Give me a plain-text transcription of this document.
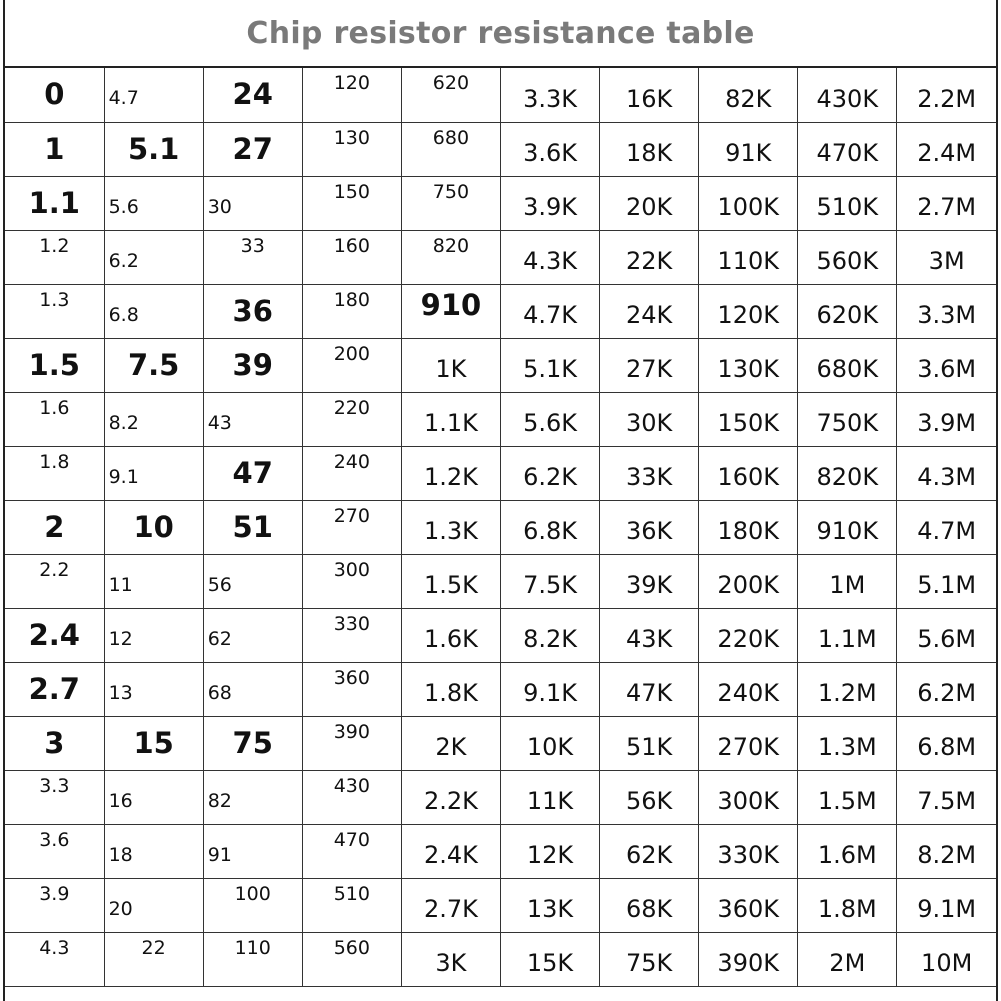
Chip resistor resistance table
0	4.7	24	120	620	3.3K	16K	82K	430K	2.2M
1	5.1	27	130	680	3.6K	18K	91K	470K	2.4M
1.1	5.6	30	150	750	3.9K	20K	100K	510K	2.7M
1.2	6.2	33	160	820	4.3K	22K	110K	560K	3M
1.3	6.8	36	180	910	4.7K	24K	120K	620K	3.3M
1.5	7.5	39	200	1K	5.1K	27K	130K	680K	3.6M
1.6	8.2	43	220	1.1K	5.6K	30K	150K	750K	3.9M
1.8	9.1	47	240	1.2K	6.2K	33K	160K	820K	4.3M
2	10	51	270	1.3K	6.8K	36K	180K	910K	4.7M
2.2	11	56	300	1.5K	7.5K	39K	200K	1M	5.1M
2.4	12	62	330	1.6K	8.2K	43K	220K	1.1M	5.6M
2.7	13	68	360	1.8K	9.1K	47K	240K	1.2M	6.2M
3	15	75	390	2K	10K	51K	270K	1.3M	6.8M
3.3	16	82	430	2.2K	11K	56K	300K	1.5M	7.5M
3.6	18	91	470	2.4K	12K	62K	330K	1.6M	8.2M
3.9	20	100	510	2.7K	13K	68K	360K	1.8M	9.1M
4.3	22	110	560	3K	15K	75K	390K	2M	10M
